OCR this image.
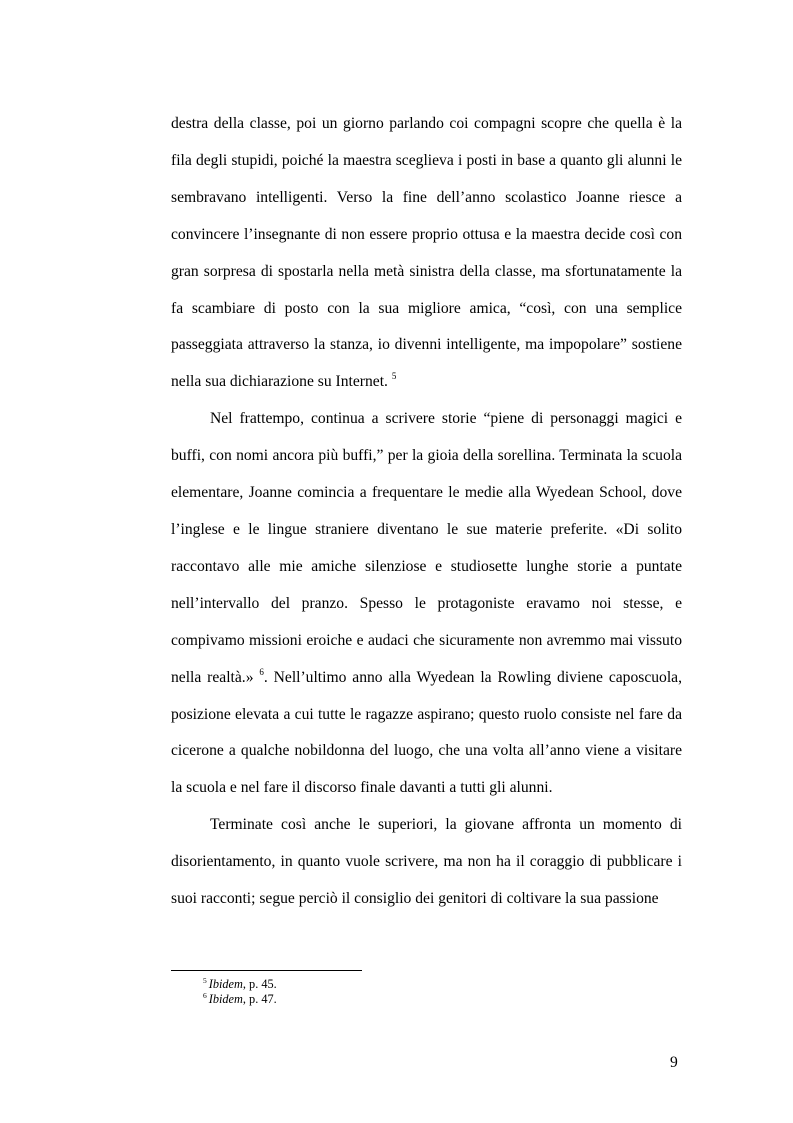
destra della classe, poi un giorno parlando coi compagni scopre che quella è la fila degli stupidi, poiché la maestra sceglieva i posti in base a quanto gli alunni le sembravano intelligenti. Verso la fine dell’anno scolastico Joanne riesce a convincere l’insegnante di non essere proprio ottusa e la maestra decide così con gran sorpresa di spostarla nella metà sinistra della classe, ma sfortunatamente la fa scambiare di posto con la sua migliore amica, “così, con una semplice passeggiata attraverso la stanza, io divenni intelligente, ma impopolare” sostiene nella sua dichiarazione su Internet. $^5$

Nel frattempo, continua a scrivere storie “piene di personaggi magici e buffi, con nomi ancora più buffi,” per la gioia della sorellina. Terminata la scuola elementare, Joanne comincia a frequentare le medie alla Wyedean School, dove l’inglese e le lingue straniere diventano le sue materie preferite. «Di solito raccontavo alle mie amiche silenziose e studiosette lunghe storie a puntate nell’intervallo del pranzo. Spesso le protagoniste eravamo noi stesse, e compivamo missioni eroiche e audaci che sicuramente non avremmo mai vissuto nella realtà.» $^6$. Nell’ultimo anno alla Wyedean la Rowling diviene caposcuola, posizione elevata a cui tutte le ragazze aspirano; questo ruolo consiste nel fare da cicerone a qualche nobildonna del luogo, che una volta all’anno viene a visitare la scuola e nel fare il discorso finale davanti a tutti gli alunni.

Terminate così anche le superiori, la giovane affronta un momento di disorientamento, in quanto vuole scrivere, ma non ha il coraggio di pubblicare i suoi racconti; segue perciò il consiglio dei genitori di coltivare la sua passione

$^5$ Ibidem, p. 45.
$^6$ Ibidem, p. 47.
9
